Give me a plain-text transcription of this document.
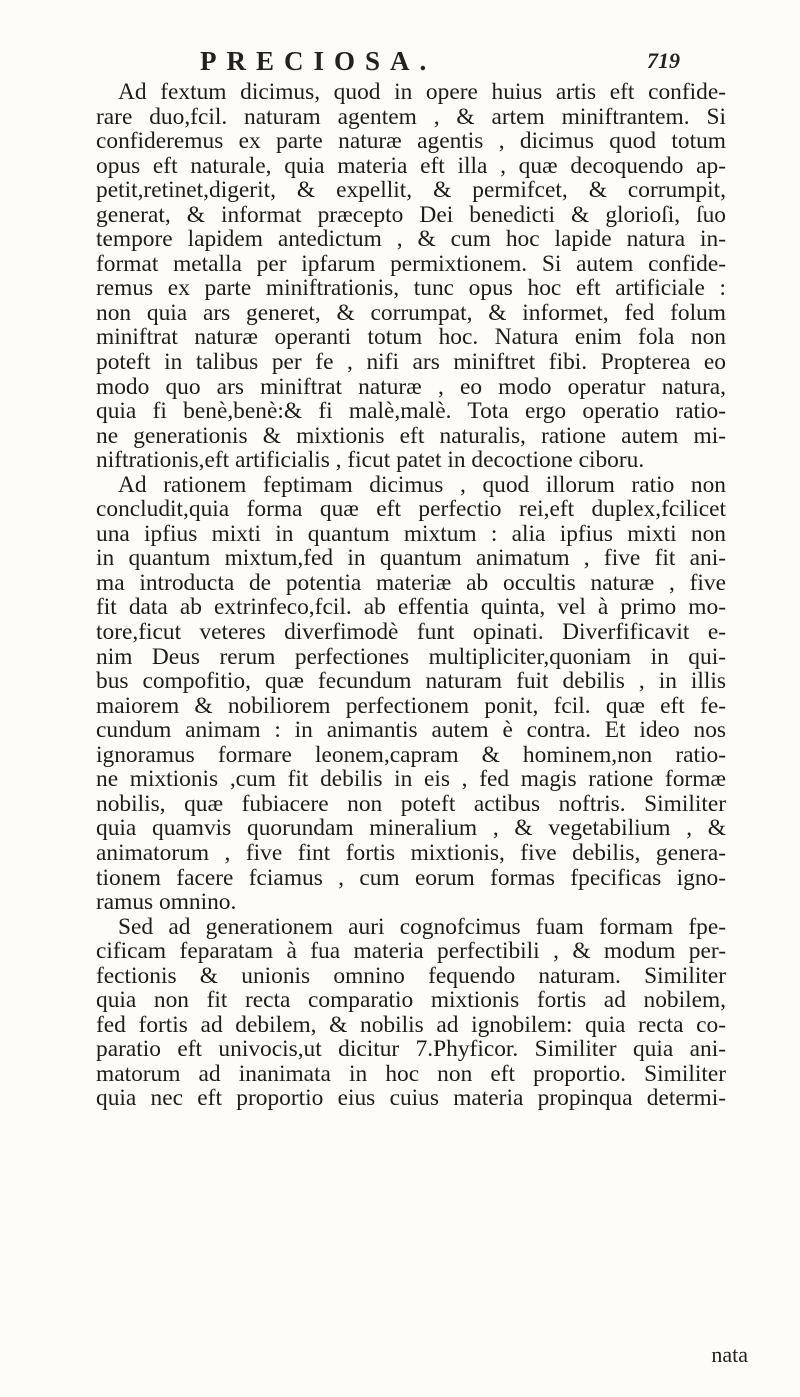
PRECIOSA.	719
Ad fextum dicimus, quod in opere huius artis eft confide-
rare duo,fcil. naturam agentem , & artem miniftrantem. Si
confideremus ex parte naturæ agentis , dicimus quod totum
opus eft naturale, quia materia eft illa , quæ decoquendo ap-
petit,retinet,digerit, & expellit, & permifcet, & corrumpit,
generat, & informat præcepto Dei benedicti & glorioſi, ſuo
tempore lapidem antedictum , & cum hoc lapide natura in-
format metalla per ipfarum permixtionem. Si autem confide-
remus ex parte miniftrationis, tunc opus hoc eft artificiale :
non quia ars generet, & corrumpat, & informet, fed folum
miniftrat naturæ operanti totum hoc. Natura enim fola non
poteft in talibus per fe , nifi ars miniftret fibi. Propterea eo
modo quo ars miniftrat naturæ , eo modo operatur natura,
quia fi benè,benè:& fi malè,malè. Tota ergo operatio ratio-
ne generationis & mixtionis eft naturalis, ratione autem mi-
niftrationis,eft artificialis , ficut patet in decoctione ciboru.
Ad rationem feptimam dicimus , quod illorum ratio non
concludit,quia forma quæ eft perfectio rei,eft duplex,fcilicet
una ipfius mixti in quantum mixtum : alia ipfius mixti non
in quantum mixtum,fed in quantum animatum , five fit ani-
ma introducta de potentia materiæ ab occultis naturæ , five
fit data ab extrinfeco,fcil. ab effentia quinta, vel à primo mo-
tore,ficut veteres diverfimodè funt opinati. Diverfificavit e-
nim Deus rerum perfectiones multipliciter,quoniam in qui-
bus compofitio, quæ fecundum naturam fuit debilis , in illis
maiorem & nobiliorem perfectionem ponit, fcil. quæ eft fe-
cundum animam : in animantis autem è contra. Et ideo nos
ignoramus formare leonem,capram & hominem,non ratio-
ne mixtionis ,cum fit debilis in eis , fed magis ratione formæ
nobilis, quæ fubiacere non poteft actibus noftris. Similiter
quia quamvis quorundam mineralium , & vegetabilium , &
animatorum , five fint fortis mixtionis, five debilis, genera-
tionem facere fciamus , cum eorum formas fpecificas igno-
ramus omnino.
Sed ad generationem auri cognofcimus fuam formam fpe-
cificam feparatam à fua materia perfectibili , & modum per-
fectionis & unionis omnino fequendo naturam. Similiter
quia non fit recta comparatio mixtionis fortis ad nobilem,
fed fortis ad debilem, & nobilis ad ignobilem: quia recta co-
paratio eft univocis,ut dicitur 7.Phyficor. Similiter quia ani-
matorum ad inanimata in hoc non eft proportio. Similiter
quia nec eft proportio eius cuius materia propinqua determi-
nata
